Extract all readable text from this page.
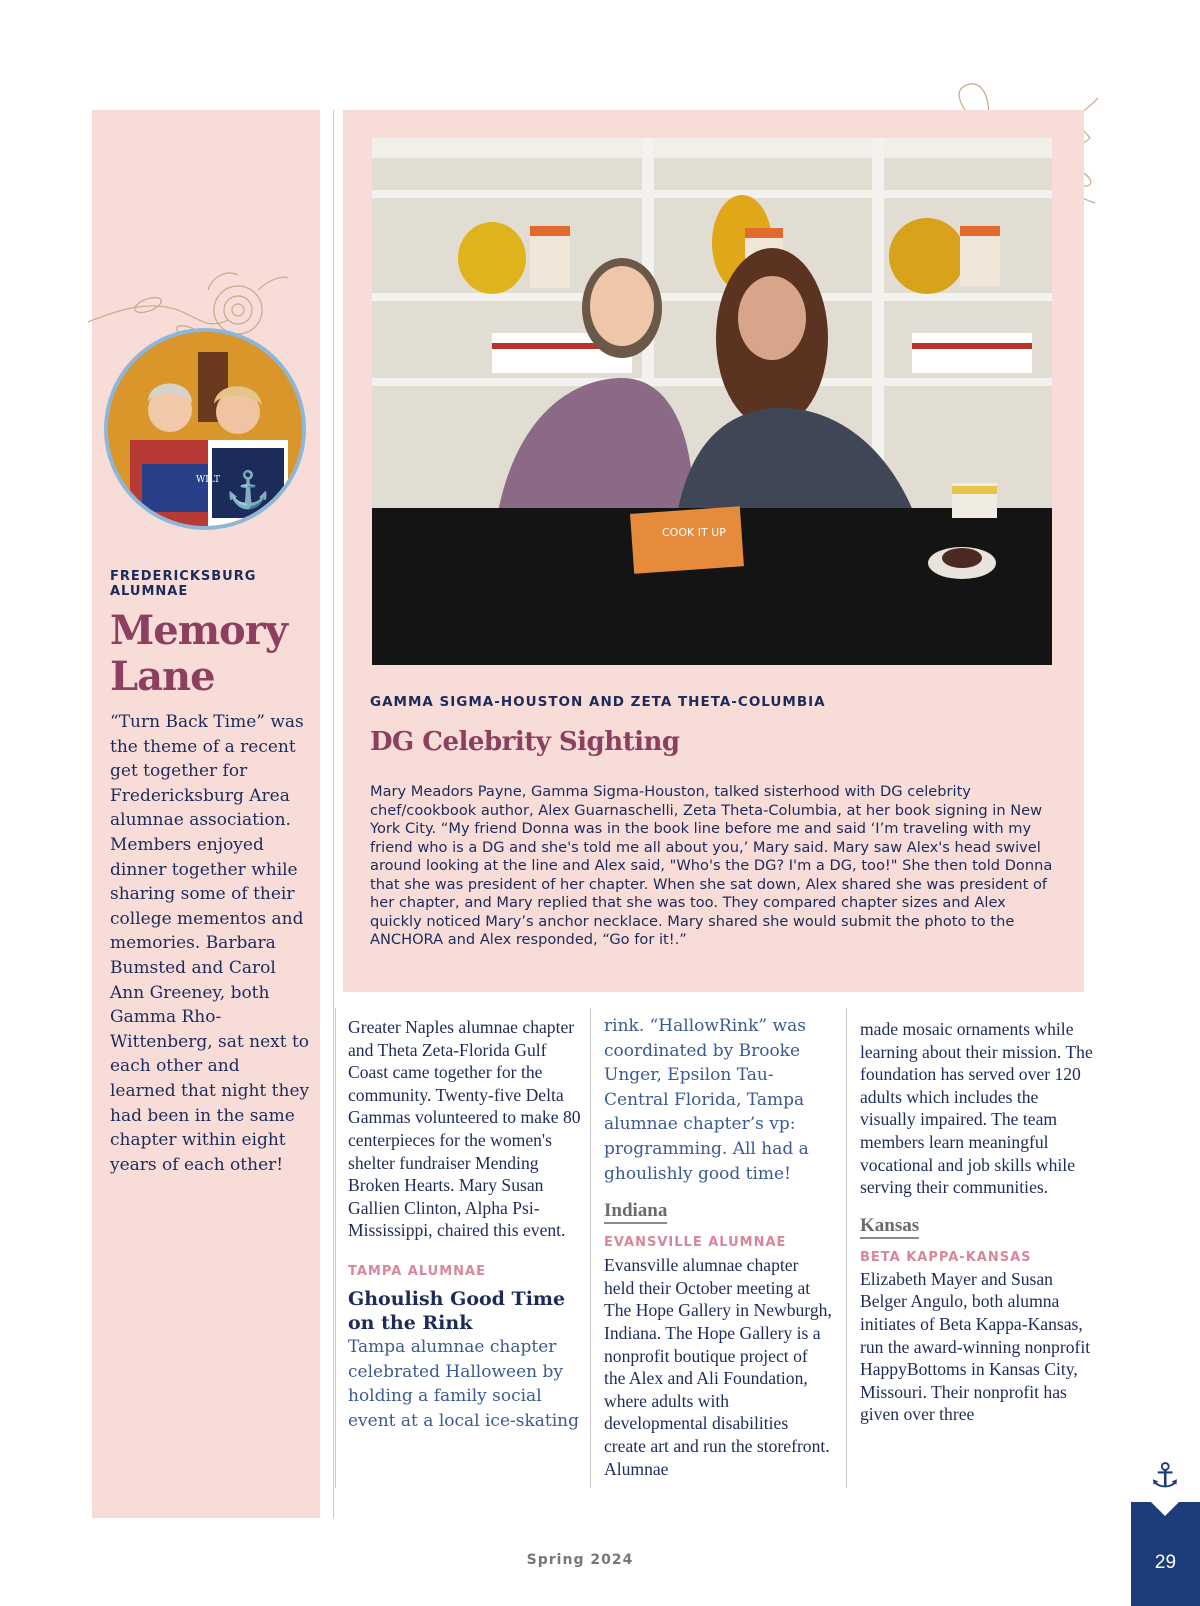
⚓
WILT
FREDERICKSBURG ALUMNAE
Memory
Lane
“Turn Back Time” was the theme of a recent get together for Fredericksburg Area alumnae association. Members enjoyed dinner together while sharing some of their college mementos and memories. Barbara Bumsted and Carol Ann Greeney, both Gamma Rho-Wittenberg, sat next to each other and learned that night they had been in the same chapter within eight years of each other!
COOK IT UP
GAMMA SIGMA-HOUSTON AND ZETA THETA-COLUMBIA
DG Celebrity Sighting
Mary Meadors Payne, Gamma Sigma-Houston, talked sisterhood with DG celebrity chef/cookbook author, Alex Guarnaschelli, Zeta Theta-Columbia, at her book signing in New York City. “My friend Donna was in the book line before me and said ‘I’m traveling with my friend who is a DG and she's told me all about you,’ Mary said. Mary saw Alex's head swivel around looking at the line and Alex said, "Who's the DG? I'm a DG, too!" She then told Donna that she was president of her chapter. When she sat down, Alex shared she was president of her chapter, and Mary replied that she was too. They compared chapter sizes and Alex quickly noticed Mary’s anchor necklace. Mary shared she would submit the photo to the ANCHORA and Alex responded, “Go for it!.”
Greater Naples alumnae chapter and Theta Zeta-Florida Gulf Coast came together for the community. Twenty-five Delta Gammas volunteered to make 80 centerpieces for the women's shelter fundraiser Mending Broken Hearts. Mary Susan Gallien Clinton, Alpha Psi-Mississippi, chaired this event.
TAMPA ALUMNAE
Ghoulish Good Time on the Rink
Tampa alumnae chapter celebrated Halloween by holding a family social event at a local ice-skating
rink. “HallowRink” was coordinated by Brooke Unger, Epsilon Tau-Central Florida, Tampa alumnae chapter’s vp: programming. All had a ghoulishly good time!
Indiana
EVANSVILLE ALUMNAE
Evansville alumnae chapter held their October meeting at The Hope Gallery in Newburgh, Indiana. The Hope Gallery is a nonprofit boutique project of the Alex and Ali Foundation, where adults with developmental disabilities create art and run the storefront. Alumnae
made mosaic ornaments while learning about their mission. The foundation has served over 120 adults which includes the visually impaired. The team members learn meaningful vocational and job skills while serving their communities.
Kansas
BETA KAPPA-KANSAS
Elizabeth Mayer and Susan Belger Angulo, both alumna initiates of Beta Kappa-Kansas, run the award-winning nonprofit HappyBottoms in Kansas City, Missouri. Their nonprofit has given over three
Spring 2024
⚓
29
